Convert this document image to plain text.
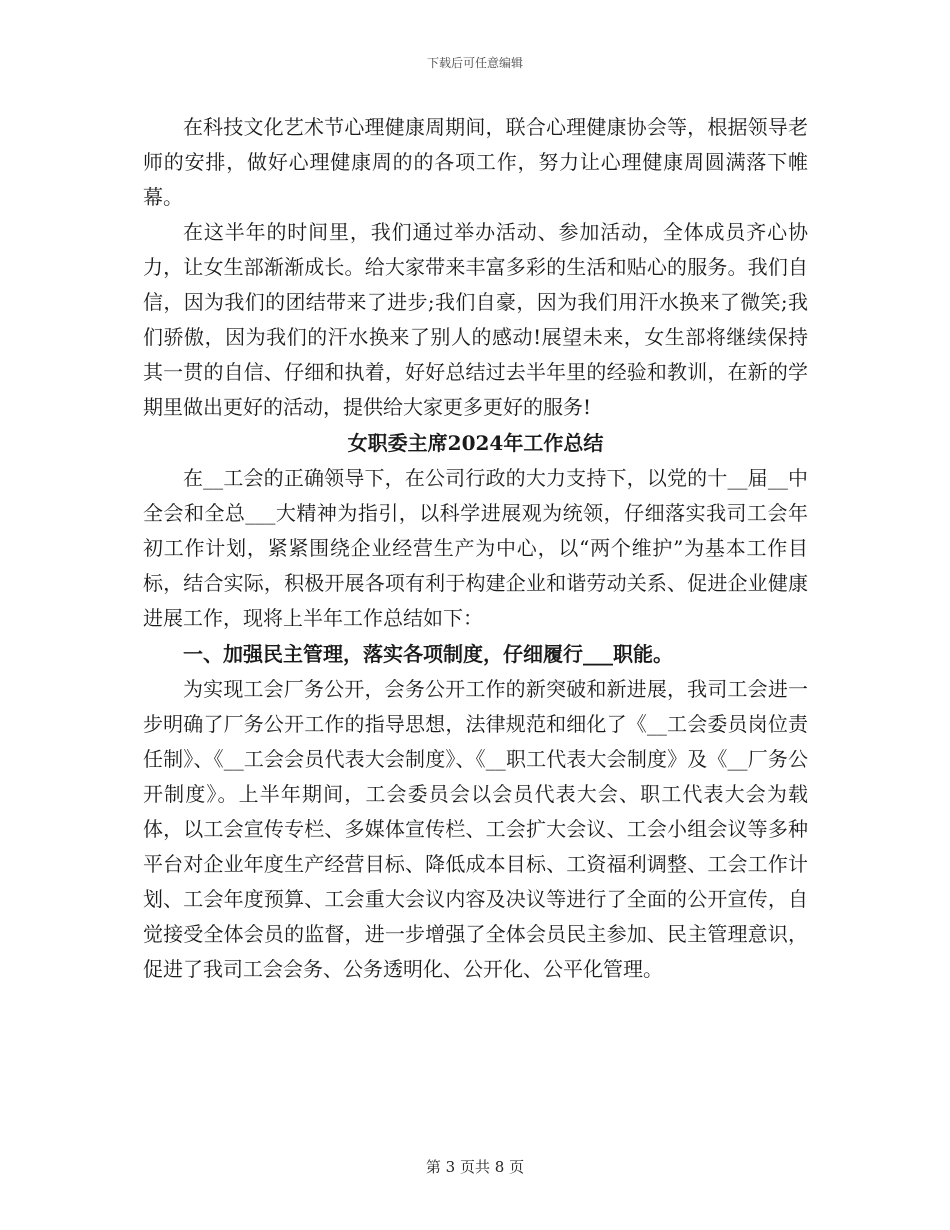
下载后可任意编辑

在科技文化艺术节心理健康周期间，联合心理健康协会等，根据领导老师的安排，做好心理健康周的的各项工作，努力让心理健康周圆满落下帷幕。

在这半年的时间里，我们通过举办活动、参加活动，全体成员齐心协力，让女生部渐渐成长。给大家带来丰富多彩的生活和贴心的服务。我们自信，因为我们的团结带来了进步;我们自豪，因为我们用汗水换来了微笑;我们骄傲，因为我们的汗水换来了别人的感动!展望未来，女生部将继续保持其一贯的自信、仔细和执着，好好总结过去半年里的经验和教训，在新的学期里做出更好的活动，提供给大家更多更好的服务!

女职委主席2024年工作总结

在__工会的正确领导下，在公司行政的大力支持下，以党的十__届__中全会和全总___大精神为指引，以科学进展观为统领，仔细落实我司工会年初工作计划，紧紧围绕企业经营生产为中心，以“两个维护”为基本工作目标，结合实际，积极开展各项有利于构建企业和谐劳动关系、促进企业健康进展工作，现将上半年工作总结如下：

一、加强民主管理，落实各项制度，仔细履行___职能。

为实现工会厂务公开，会务公开工作的新突破和新进展，我司工会进一步明确了厂务公开工作的指导思想，法律规范和细化了《__工会委员岗位责任制》、《__工会会员代表大会制度》、《__职工代表大会制度》及《__厂务公开制度》。上半年期间，工会委员会以会员代表大会、职工代表大会为载体，以工会宣传专栏、多媒体宣传栏、工会扩大会议、工会小组会议等多种平台对企业年度生产经营目标、降低成本目标、工资福利调整、工会工作计划、工会年度预算、工会重大会议内容及决议等进行了全面的公开宣传，自觉接受全体会员的监督，进一步增强了全体会员民主参加、民主管理意识，促进了我司工会会务、公务透明化、公开化、公平化管理。

第 3 页共 8 页
